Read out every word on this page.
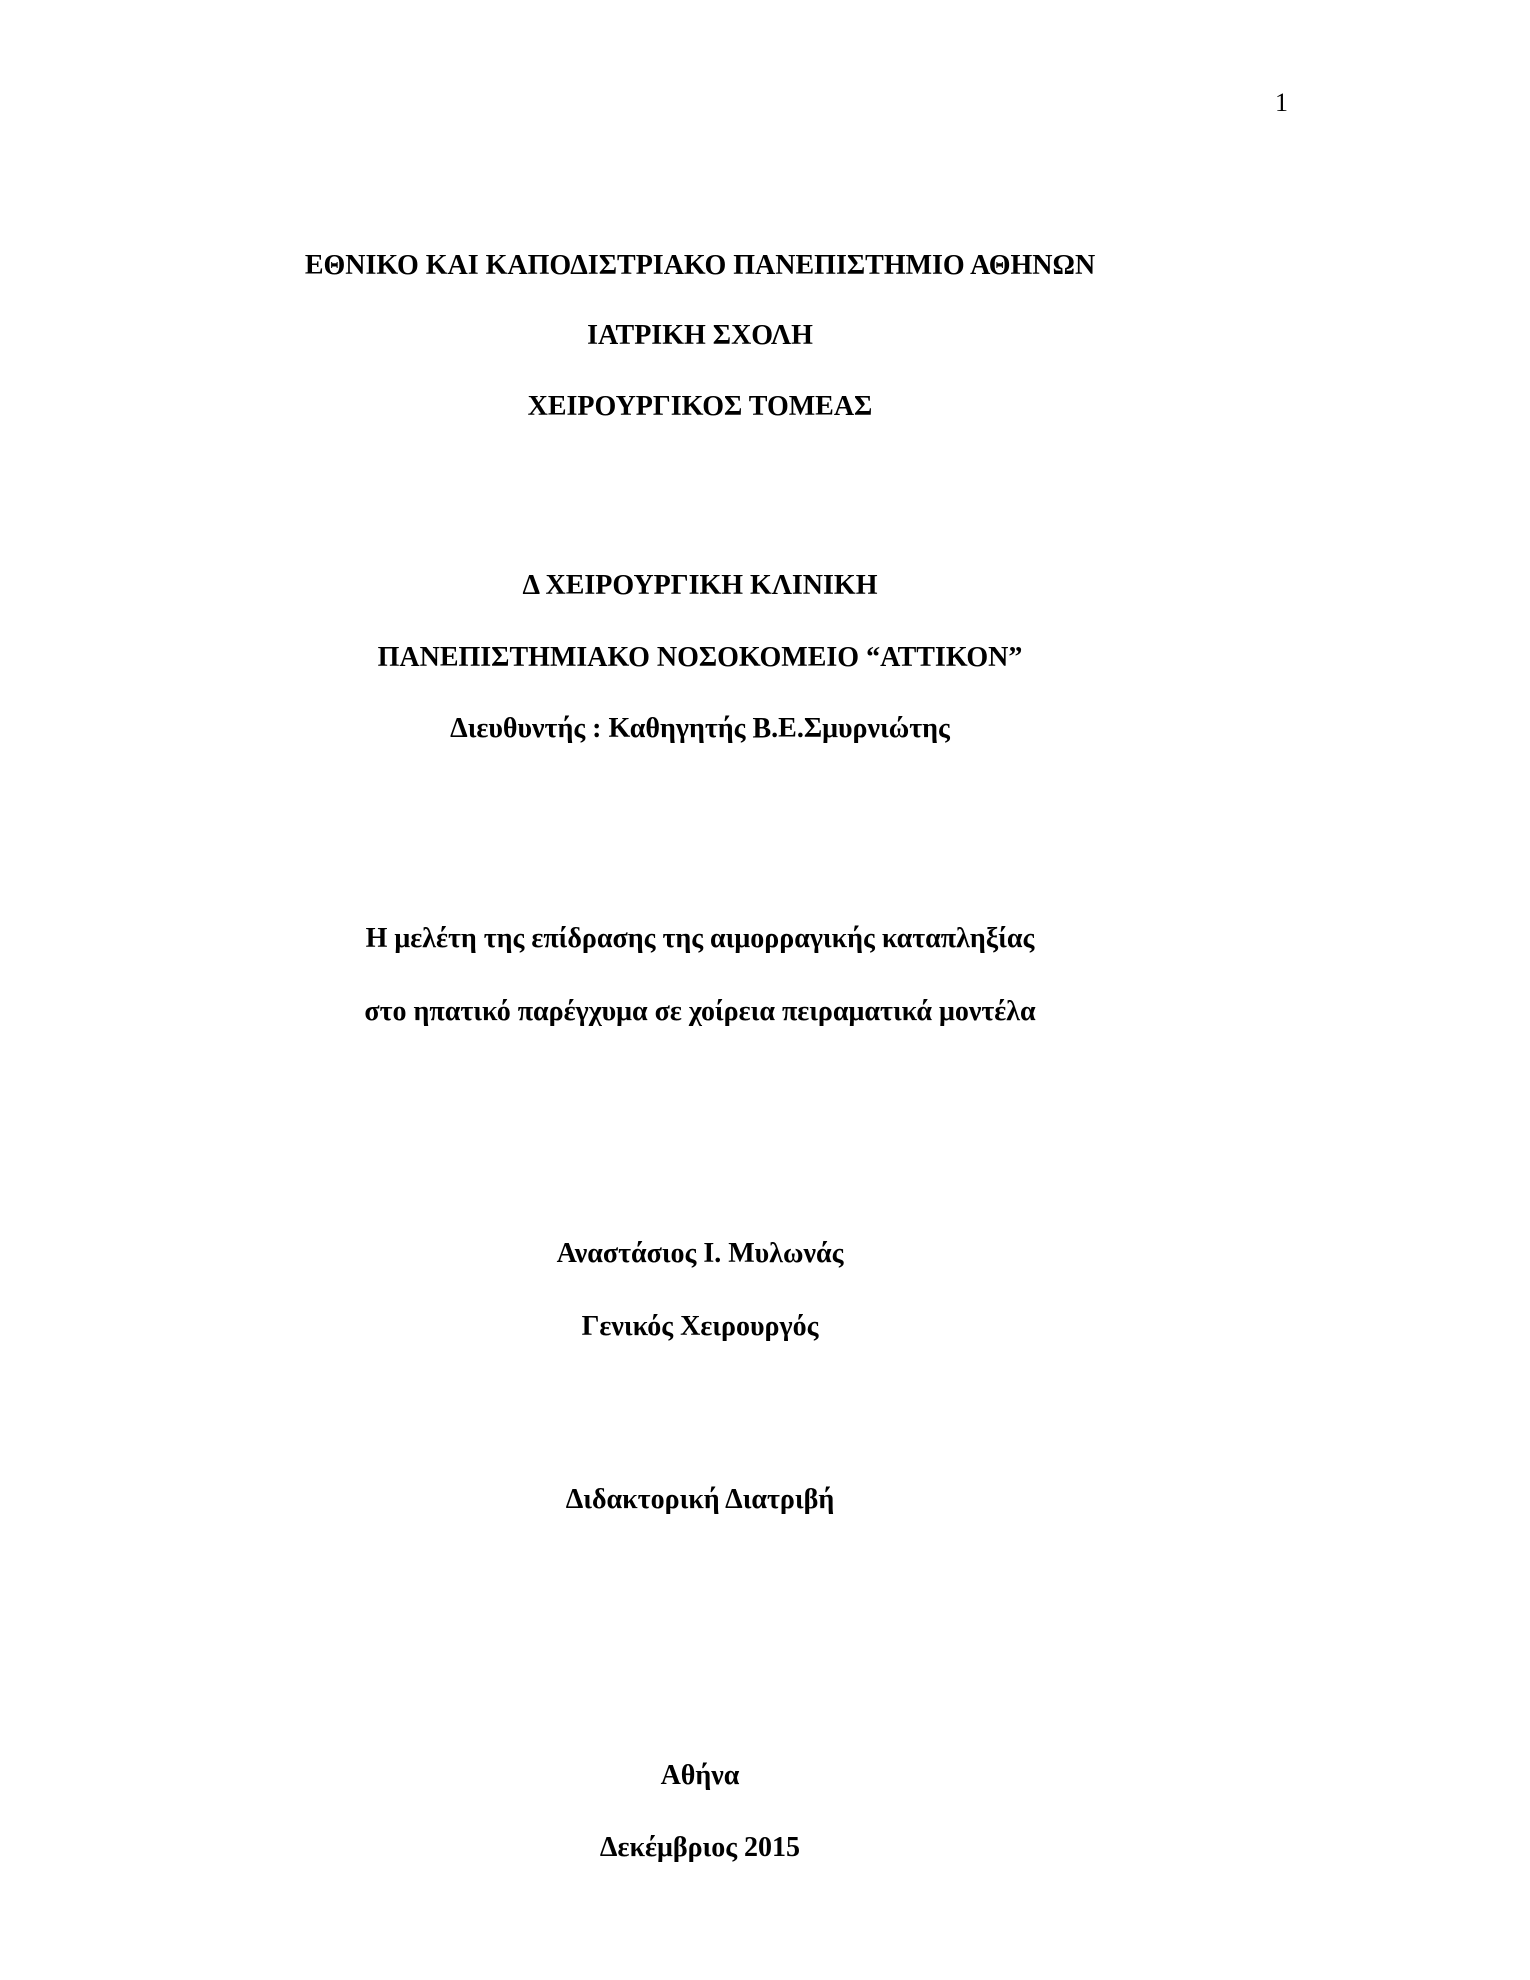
1
ΕΘΝΙΚΟ ΚΑΙ ΚΑΠΟΔΙΣΤΡΙΑΚΟ ΠΑΝΕΠΙΣΤΗΜΙΟ ΑΘΗΝΩΝ
ΙΑΤΡΙΚΗ ΣΧΟΛΗ
ΧΕΙΡΟΥΡΓΙΚΟΣ ΤΟΜΕΑΣ
Δ ΧΕΙΡΟΥΡΓΙΚΗ ΚΛΙΝΙΚΗ
ΠΑΝΕΠΙΣΤΗΜΙΑΚΟ ΝΟΣΟΚΟΜΕΙΟ “ΑΤΤΙΚΟΝ”
Διευθυντής : Καθηγητής Β.Ε.Σμυρνιώτης
Η μελέτη της επίδρασης της αιμορραγικής καταπληξίας
στο ηπατικό παρέγχυμα σε χοίρεια πειραματικά μοντέλα
Αναστάσιος Ι. Μυλωνάς
Γενικός Χειρουργός
Διδακτορική Διατριβή
Αθήνα
Δεκέμβριος 2015
